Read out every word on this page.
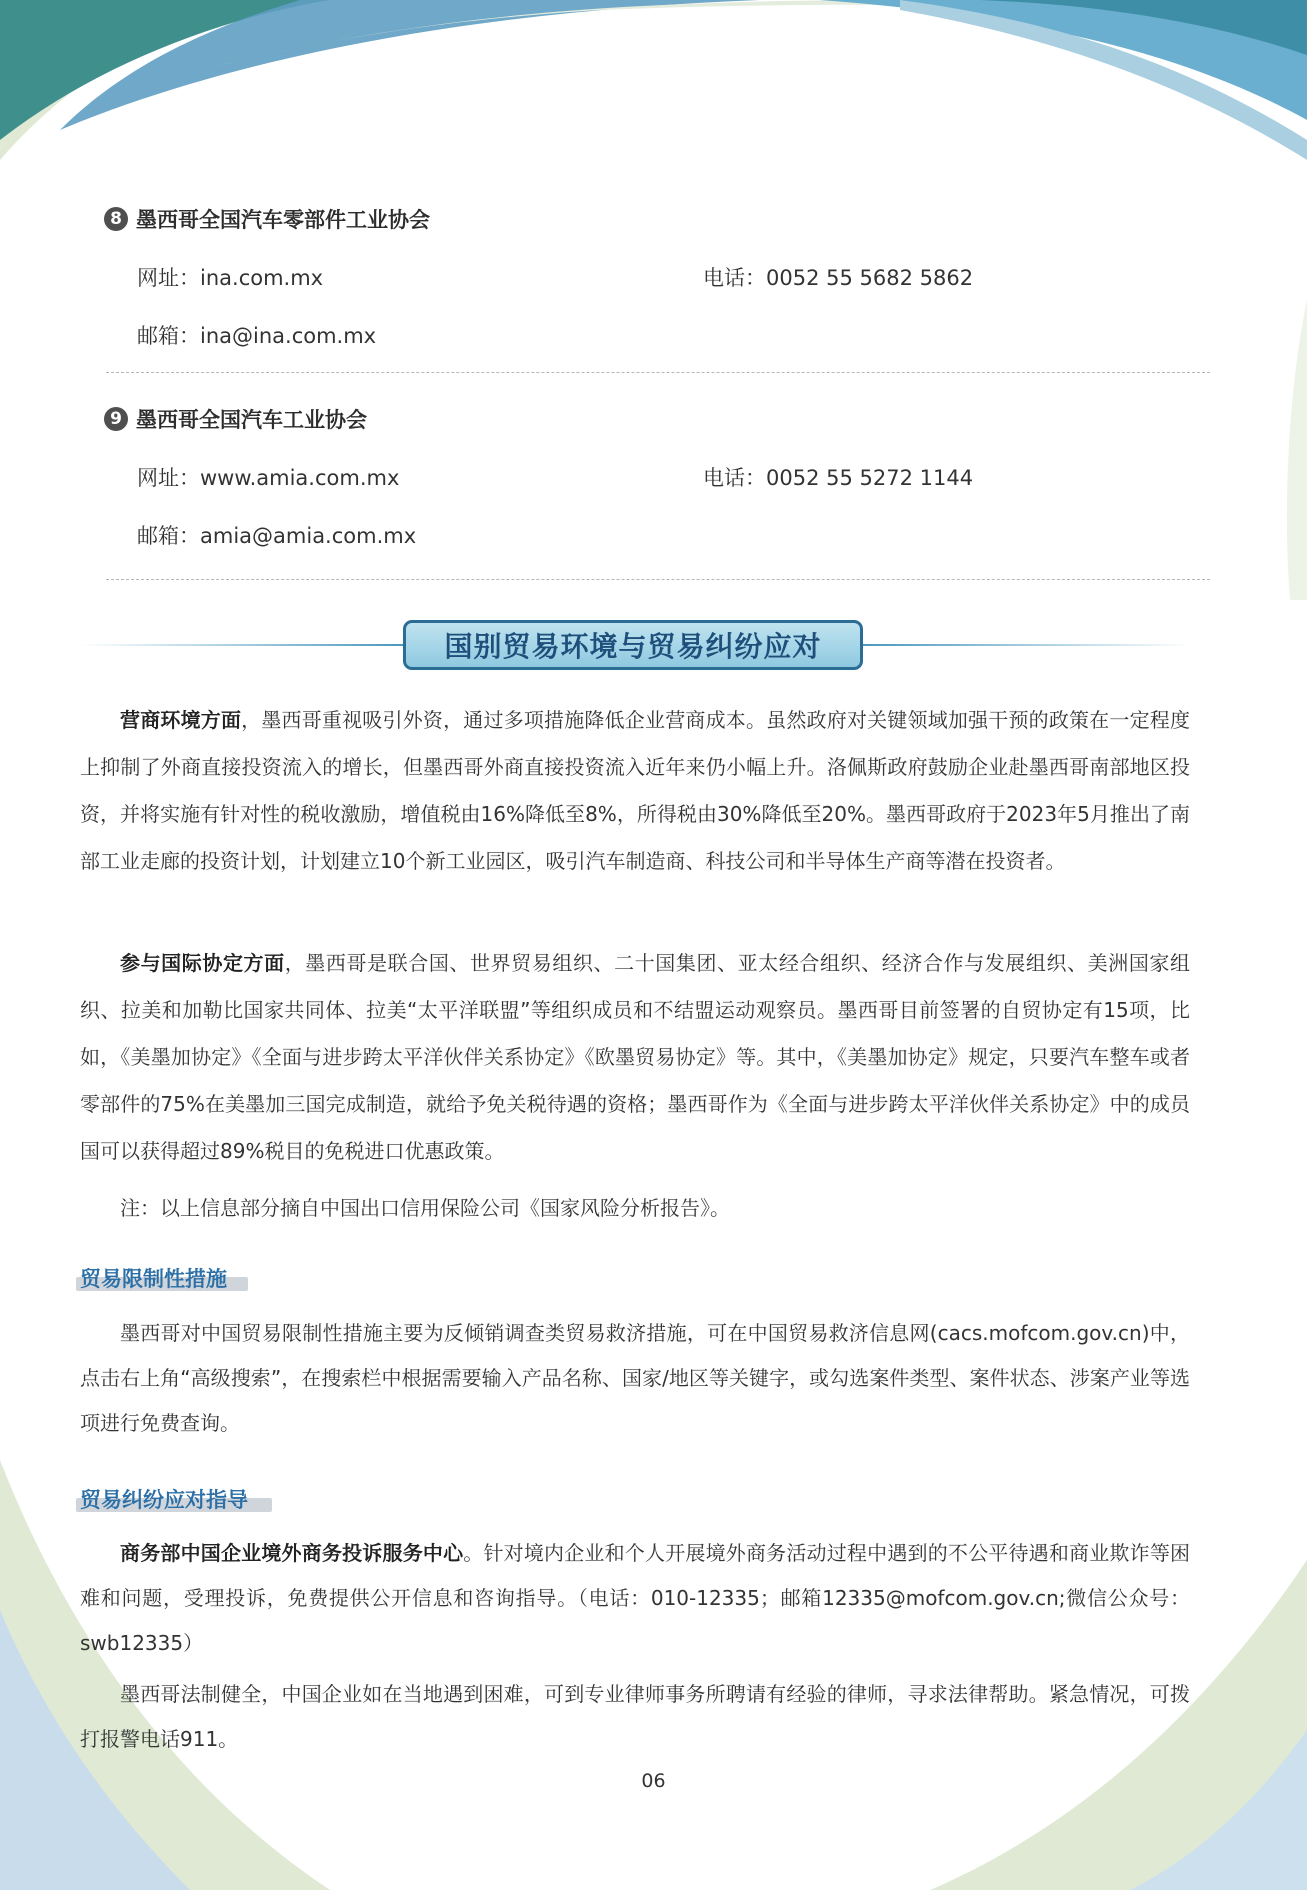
8 墨西哥全国汽车零部件工业协会
网址：ina.com.mx	电话：0052 55 5682 5862
邮箱：ina@ina.com.mx
9 墨西哥全国汽车工业协会
网址：www.amia.com.mx	电话：0052 55 5272 1144
邮箱：amia@amia.com.mx
国别贸易环境与贸易纠纷应对

营商环境方面，墨西哥重视吸引外资，通过多项措施降低企业营商成本。虽然政府对关键领域加强干预的政策在一定程度上抑制了外商直接投资流入的增长，但墨西哥外商直接投资流入近年来仍小幅上升。洛佩斯政府鼓励企业赴墨西哥南部地区投资，并将实施有针对性的税收激励，增值税由16%降低至8%，所得税由30%降低至20%。墨西哥政府于2023年5月推出了南部工业走廊的投资计划，计划建立10个新工业园区，吸引汽车制造商、科技公司和半导体生产商等潜在投资者。

参与国际协定方面，墨西哥是联合国、世界贸易组织、二十国集团、亚太经合组织、经济合作与发展组织、美洲国家组织、拉美和加勒比国家共同体、拉美“太平洋联盟”等组织成员和不结盟运动观察员。墨西哥目前签署的自贸协定有15项，比如，《美墨加协定》《全面与进步跨太平洋伙伴关系协定》《欧墨贸易协定》等。其中，《美墨加协定》规定，只要汽车整车或者零部件的75%在美墨加三国完成制造，就给予免关税待遇的资格；墨西哥作为《全面与进步跨太平洋伙伴关系协定》中的成员国可以获得超过89%税目的免税进口优惠政策。

注：以上信息部分摘自中国出口信用保险公司《国家风险分析报告》。

贸易限制性措施

墨西哥对中国贸易限制性措施主要为反倾销调查类贸易救济措施，可在中国贸易救济信息网(cacs.mofcom.gov.cn)中，点击右上角“高级搜索”，在搜索栏中根据需要输入产品名称、国家/地区等关键字，或勾选案件类型、案件状态、涉案产业等选项进行免费查询。

贸易纠纷应对指导

商务部中国企业境外商务投诉服务中心。针对境内企业和个人开展境外商务活动过程中遇到的不公平待遇和商业欺诈等困难和问题，受理投诉，免费提供公开信息和咨询指导。（电话：010-12335；邮箱12335@mofcom.gov.cn;微信公众号：swb12335）

墨西哥法制健全，中国企业如在当地遇到困难，可到专业律师事务所聘请有经验的律师，寻求法律帮助。紧急情况，可拨打报警电话911。

06
